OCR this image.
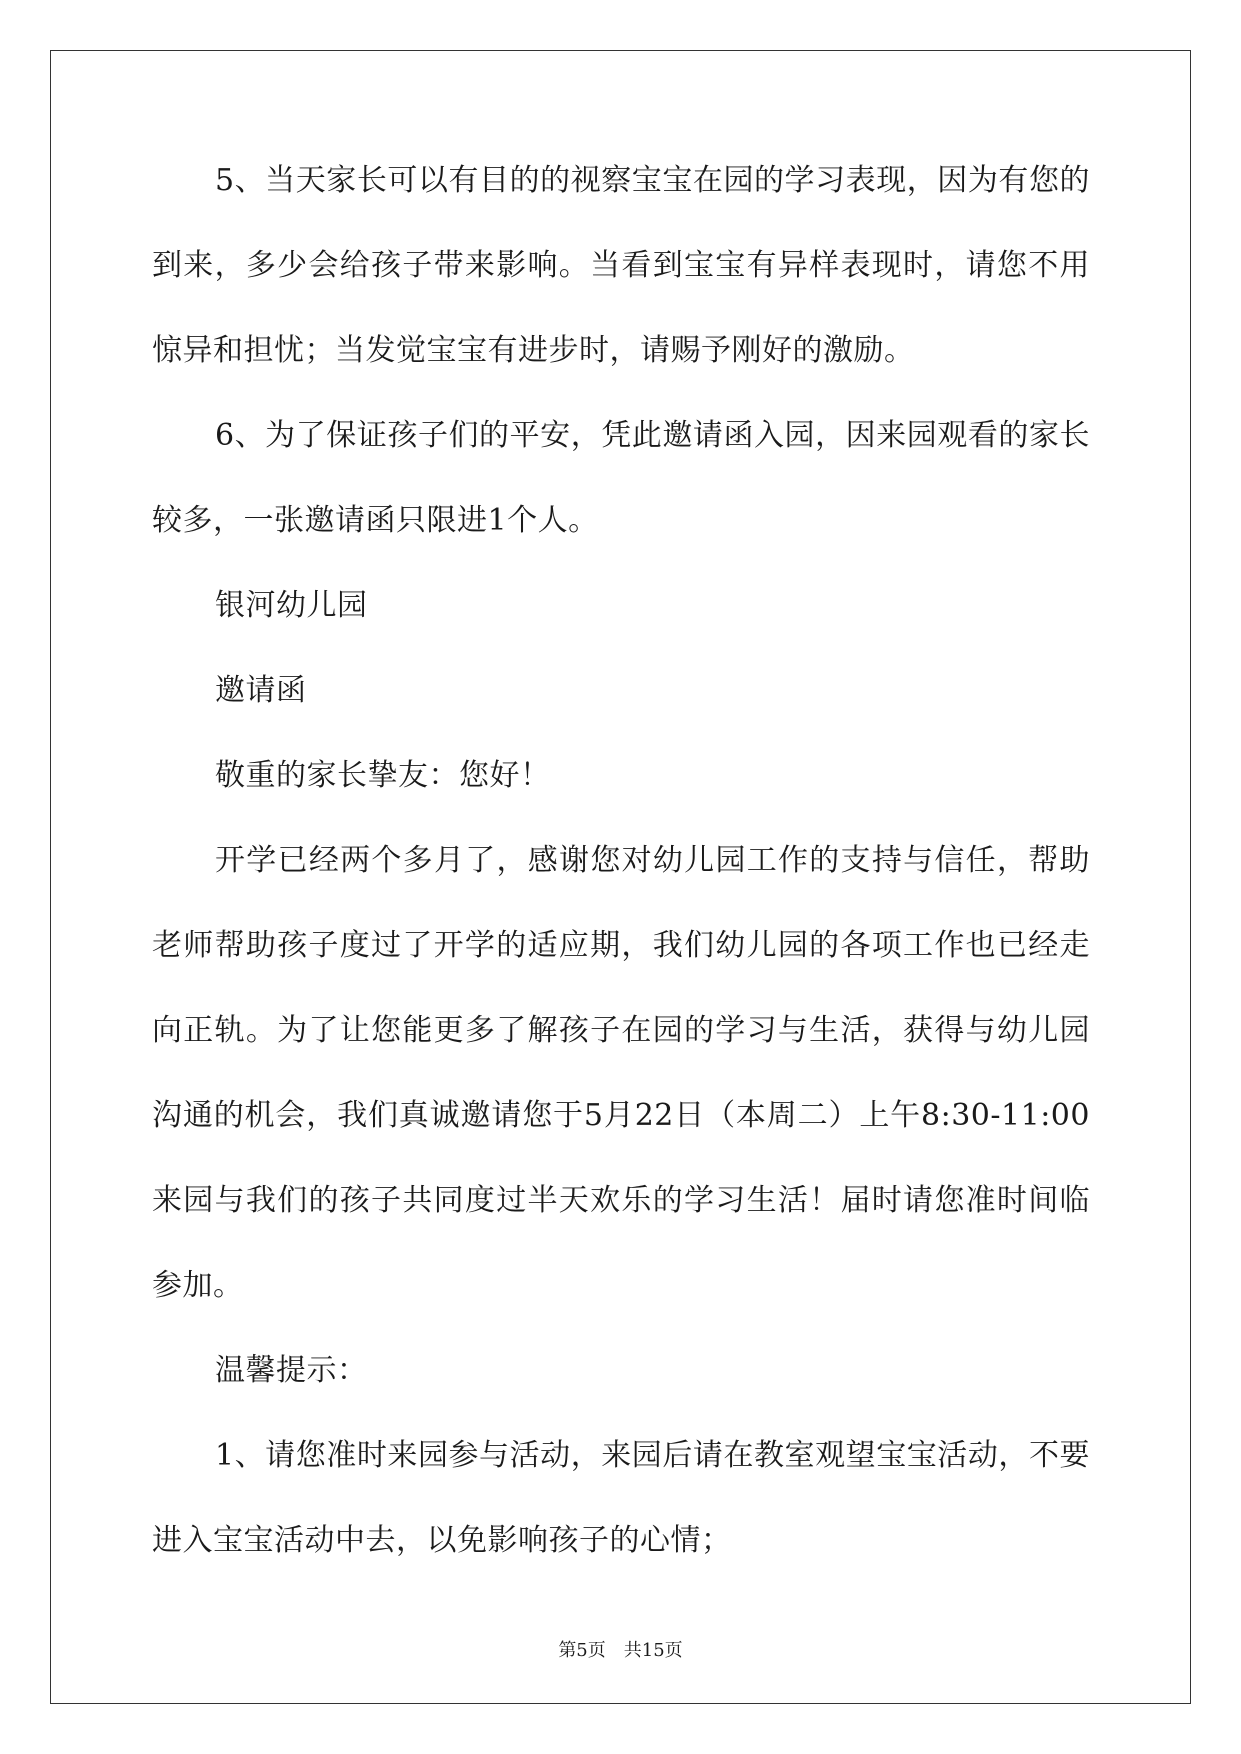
5、当天家长可以有目的的视察宝宝在园的学习表现，因为有您的到来，多少会给孩子带来影响。当看到宝宝有异样表现时，请您不用惊异和担忧；当发觉宝宝有进步时，请赐予刚好的激励。

6、为了保证孩子们的平安，凭此邀请函入园，因来园观看的家长较多，一张邀请函只限进1个人。

银河幼儿园

邀请函

敬重的家长挚友：您好！

开学已经两个多月了，感谢您对幼儿园工作的支持与信任，帮助老师帮助孩子度过了开学的适应期，我们幼儿园的各项工作也已经走向正轨。为了让您能更多了解孩子在园的学习与生活，获得与幼儿园沟通的机会，我们真诚邀请您于5月22日（本周二）上午8:30-11:00来园与我们的孩子共同度过半天欢乐的学习生活！届时请您准时间临参加。

温馨提示：

1、请您准时来园参与活动，来园后请在教室观望宝宝活动，不要进入宝宝活动中去，以免影响孩子的心情；

第5页 共15页
